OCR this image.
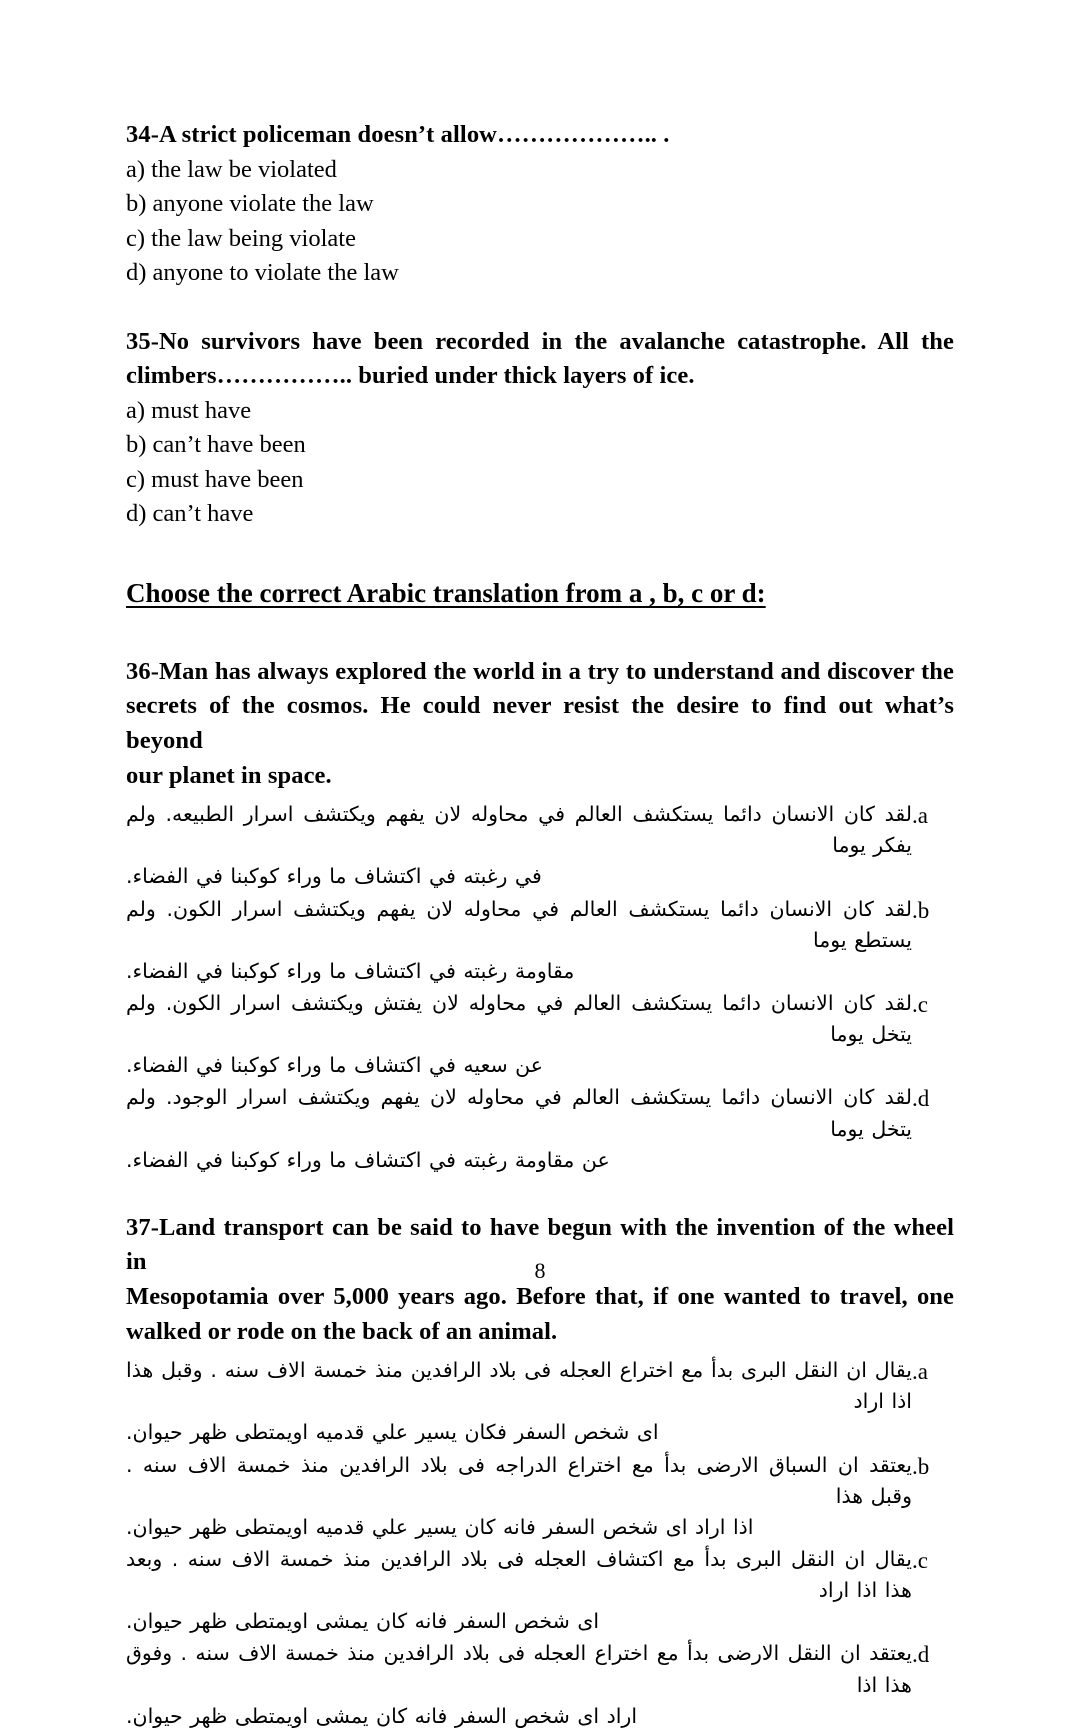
34-A strict policeman doesn’t allow……………….. .
a) the law be violated
b) anyone violate the law
c) the law being violate
d) anyone to violate the law
35-No survivors have been recorded in the avalanche catastrophe. All the
climbers…………….. buried under thick layers of ice.
a) must have
b) can’t have been
c) must have been
d) can’t have
Choose the correct Arabic translation from a , b, c or d:
36-Man has always explored the world in a try to understand and discover the
secrets of the cosmos. He could never resist the desire to find out what’s beyond
our planet in space.
a.
لقد كان الانسان دائما يستكشف العالم في محاوله لان يفهم ويكتشف اسرار الطبيعه. ولم يفكر يوما
في رغبته في اكتشاف ما وراء كوكبنا في الفضاء.
b.
لقد كان الانسان دائما يستكشف العالم في محاوله لان يفهم ويكتشف اسرار الكون. ولم يستطع يوما
مقاومة رغبته في اكتشاف ما وراء كوكبنا في الفضاء.
c.
لقد كان الانسان دائما يستكشف العالم في محاوله لان يفتش ويكتشف اسرار الكون. ولم يتخل يوما
عن سعيه في اكتشاف ما وراء كوكبنا في الفضاء.
d.
لقد كان الانسان دائما يستكشف العالم في محاوله لان يفهم ويكتشف اسرار الوجود. ولم يتخل يوما
عن مقاومة رغبته في اكتشاف ما وراء كوكبنا في الفضاء.
37-Land transport can be said to have begun with the invention of the wheel in
Mesopotamia over 5,000 years ago. Before that, if one wanted to travel, one
walked or rode on the back of an animal.
a.
يقال ان النقل البرى بدأ مع اختراع العجله فى بلاد الرافدين منذ خمسة الاف سنه . وقبل هذا اذا اراد
اى شخص السفر فكان يسير علي قدميه اويمتطى ظهر حيوان.
b.
يعتقد ان السباق الارضى بدأ مع اختراع الدراجه فى بلاد الرافدين منذ خمسة الاف سنه . وقبل هذا
اذا اراد اى شخص السفر فانه كان يسير علي قدميه اويمتطى ظهر حيوان.
c.
يقال ان النقل البرى بدأ مع اكتشاف العجله فى بلاد الرافدين منذ خمسة الاف سنه . وبعد هذا اذا اراد
اى شخص السفر فانه كان يمشى اويمتطى ظهر حيوان.
d.
يعتقد ان النقل الارضى بدأ مع اختراع العجله فى بلاد الرافدين منذ خمسة الاف سنه . وفوق هذا اذا
اراد اى شخص السفر فانه كان يمشى اويمتطى ظهر حيوان.
8
